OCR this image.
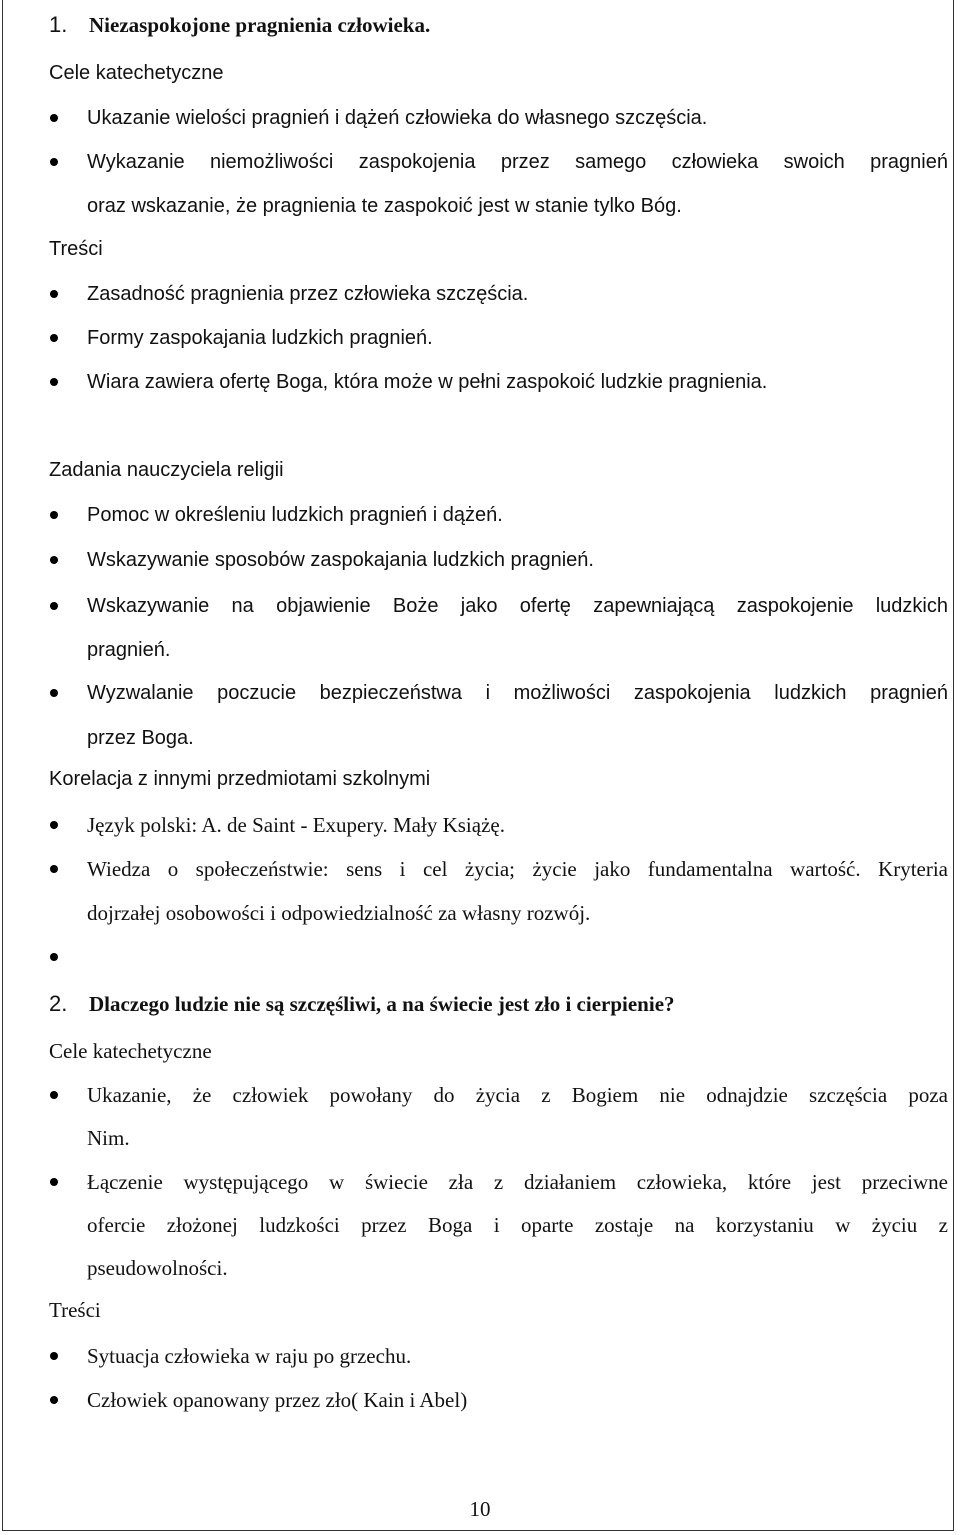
1. Niezaspokojone pragnienia człowieka.
Cele katechetyczne
Ukazanie wielości pragnień i dążeń człowieka do własnego szczęścia.
Wykazanie niemożliwości zaspokojenia przez samego człowieka swoich pragnień
oraz wskazanie, że pragnienia te zaspokoić jest w stanie tylko Bóg.
Treści
Zasadność pragnienia przez człowieka szczęścia.
Formy zaspokajania ludzkich pragnień.
Wiara zawiera ofertę Boga, która może w pełni zaspokoić ludzkie pragnienia.
Zadania nauczyciela religii
Pomoc w określeniu ludzkich pragnień i dążeń.
Wskazywanie sposobów zaspokajania ludzkich pragnień.
Wskazywanie na objawienie Boże jako ofertę zapewniającą zaspokojenie ludzkich
pragnień.
Wyzwalanie poczucie bezpieczeństwa i możliwości zaspokojenia ludzkich pragnień
przez Boga.
Korelacja z innymi przedmiotami szkolnymi
Język polski: A. de Saint - Exupery. Mały Książę.
Wiedza o społeczeństwie: sens i cel życia; życie jako fundamentalna wartość. Kryteria
dojrzałej osobowości i odpowiedzialność za własny rozwój.
2. Dlaczego ludzie nie są szczęśliwi, a na świecie jest zło i cierpienie?
Cele katechetyczne
Ukazanie, że człowiek powołany do życia z Bogiem nie odnajdzie szczęścia poza
Nim.
Łączenie występującego w świecie zła z działaniem człowieka, które jest przeciwne
ofercie złożonej ludzkości przez Boga i oparte zostaje na korzystaniu w życiu z
pseudowolności.
Treści
Sytuacja człowieka w raju po grzechu.
Człowiek opanowany przez zło( Kain i Abel)
10
